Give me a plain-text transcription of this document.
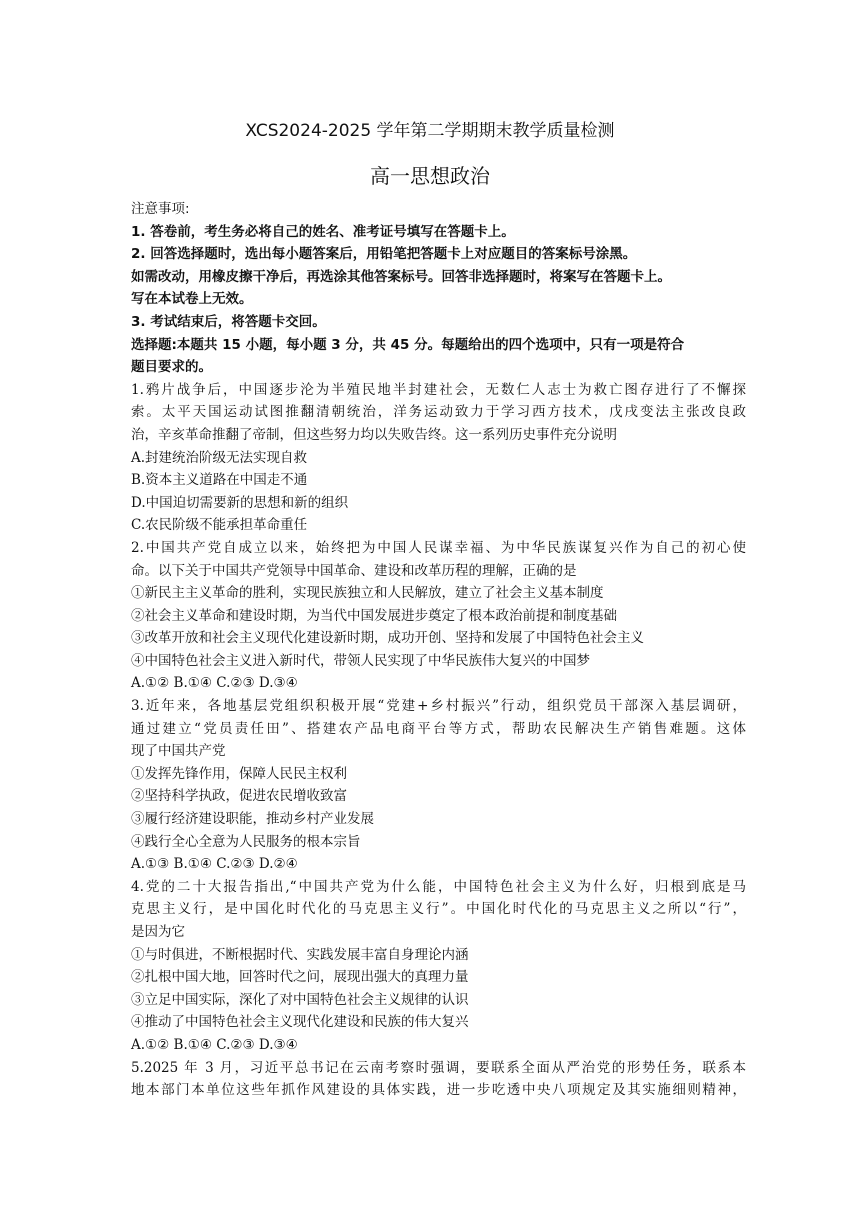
XCS2024-2025 学年第二学期期末教学质量检测
高一思想政治
注意事项:
1. 答卷前，考生务必将自己的姓名、准考证号填写在答题卡上。
2. 回答选择题时，选出每小题答案后，用铅笔把答题卡上对应题目的答案标号涂黑。
如需改动，用橡皮擦干净后，再选涂其他答案标号。回答非选择题时，将案写在答题卡上。
写在本试卷上无效。
3. 考试结束后，将答题卡交回。
选择题:本题共 15 小题，每小题 3 分，共 45 分。每题给出的四个选项中，只有一项是符合
题目要求的。
1.鸦片战争后，中国逐步沦为半殖民地半封建社会，无数仁人志士为救亡图存进行了不懈探
索。太平天国运动试图推翻清朝统治，洋务运动致力于学习西方技术，戊戌变法主张改良政
治，辛亥革命推翻了帝制，但这些努力均以失败告终。这一系列历史事件充分说明
A.封建统治阶级无法实现自救
B.资本主义道路在中国走不通
D.中国迫切需要新的思想和新的组织
C.农民阶级不能承担革命重任
2.中国共产党自成立以来，始终把为中国人民谋幸福、为中华民族谋复兴作为自己的初心使
命。以下关于中国共产党领导中国革命、建设和改革历程的理解，正确的是
①新民主主义革命的胜利，实现民族独立和人民解放，建立了社会主义基本制度
②社会主义革命和建设时期，为当代中国发展进步奠定了根本政治前提和制度基础
③改革开放和社会主义现代化建设新时期，成功开创、坚持和发展了中国特色社会主义
④中国特色社会主义进入新时代，带领人民实现了中华民族伟大复兴的中国梦
A.①② B.①④ C.②③ D.③④
3.近年来，各地基层党组织积极开展“党建+乡村振兴”行动，组织党员干部深入基层调研，
通过建立“党员责任田”、搭建农产品电商平台等方式，帮助农民解决生产销售难题。这体
现了中国共产党
①发挥先锋作用，保障人民民主权利
②坚持科学执政，促进农民增收致富
③履行经济建设职能，推动乡村产业发展
④践行全心全意为人民服务的根本宗旨
A.①③ B.①④ C.②③ D.②④
4.党的二十大报告指出,“中国共产党为什么能，中国特色社会主义为什么好，归根到底是马
克思主义行，是中国化时代化的马克思主义行”。中国化时代化的马克思主义之所以“行”，
是因为它
①与时俱进，不断根据时代、实践发展丰富自身理论内涵
②扎根中国大地，回答时代之问，展现出强大的真理力量
③立足中国实际，深化了对中国特色社会主义规律的认识
④推动了中国特色社会主义现代化建设和民族的伟大复兴
A.①② B.①④ C.②③ D.③④
5.2025 年 3 月，习近平总书记在云南考察时强调，要联系全面从严治党的形势任务，联系本
地本部门本单位这些年抓作风建设的具体实践，进一步吃透中央八项规定及其实施细则精神，
